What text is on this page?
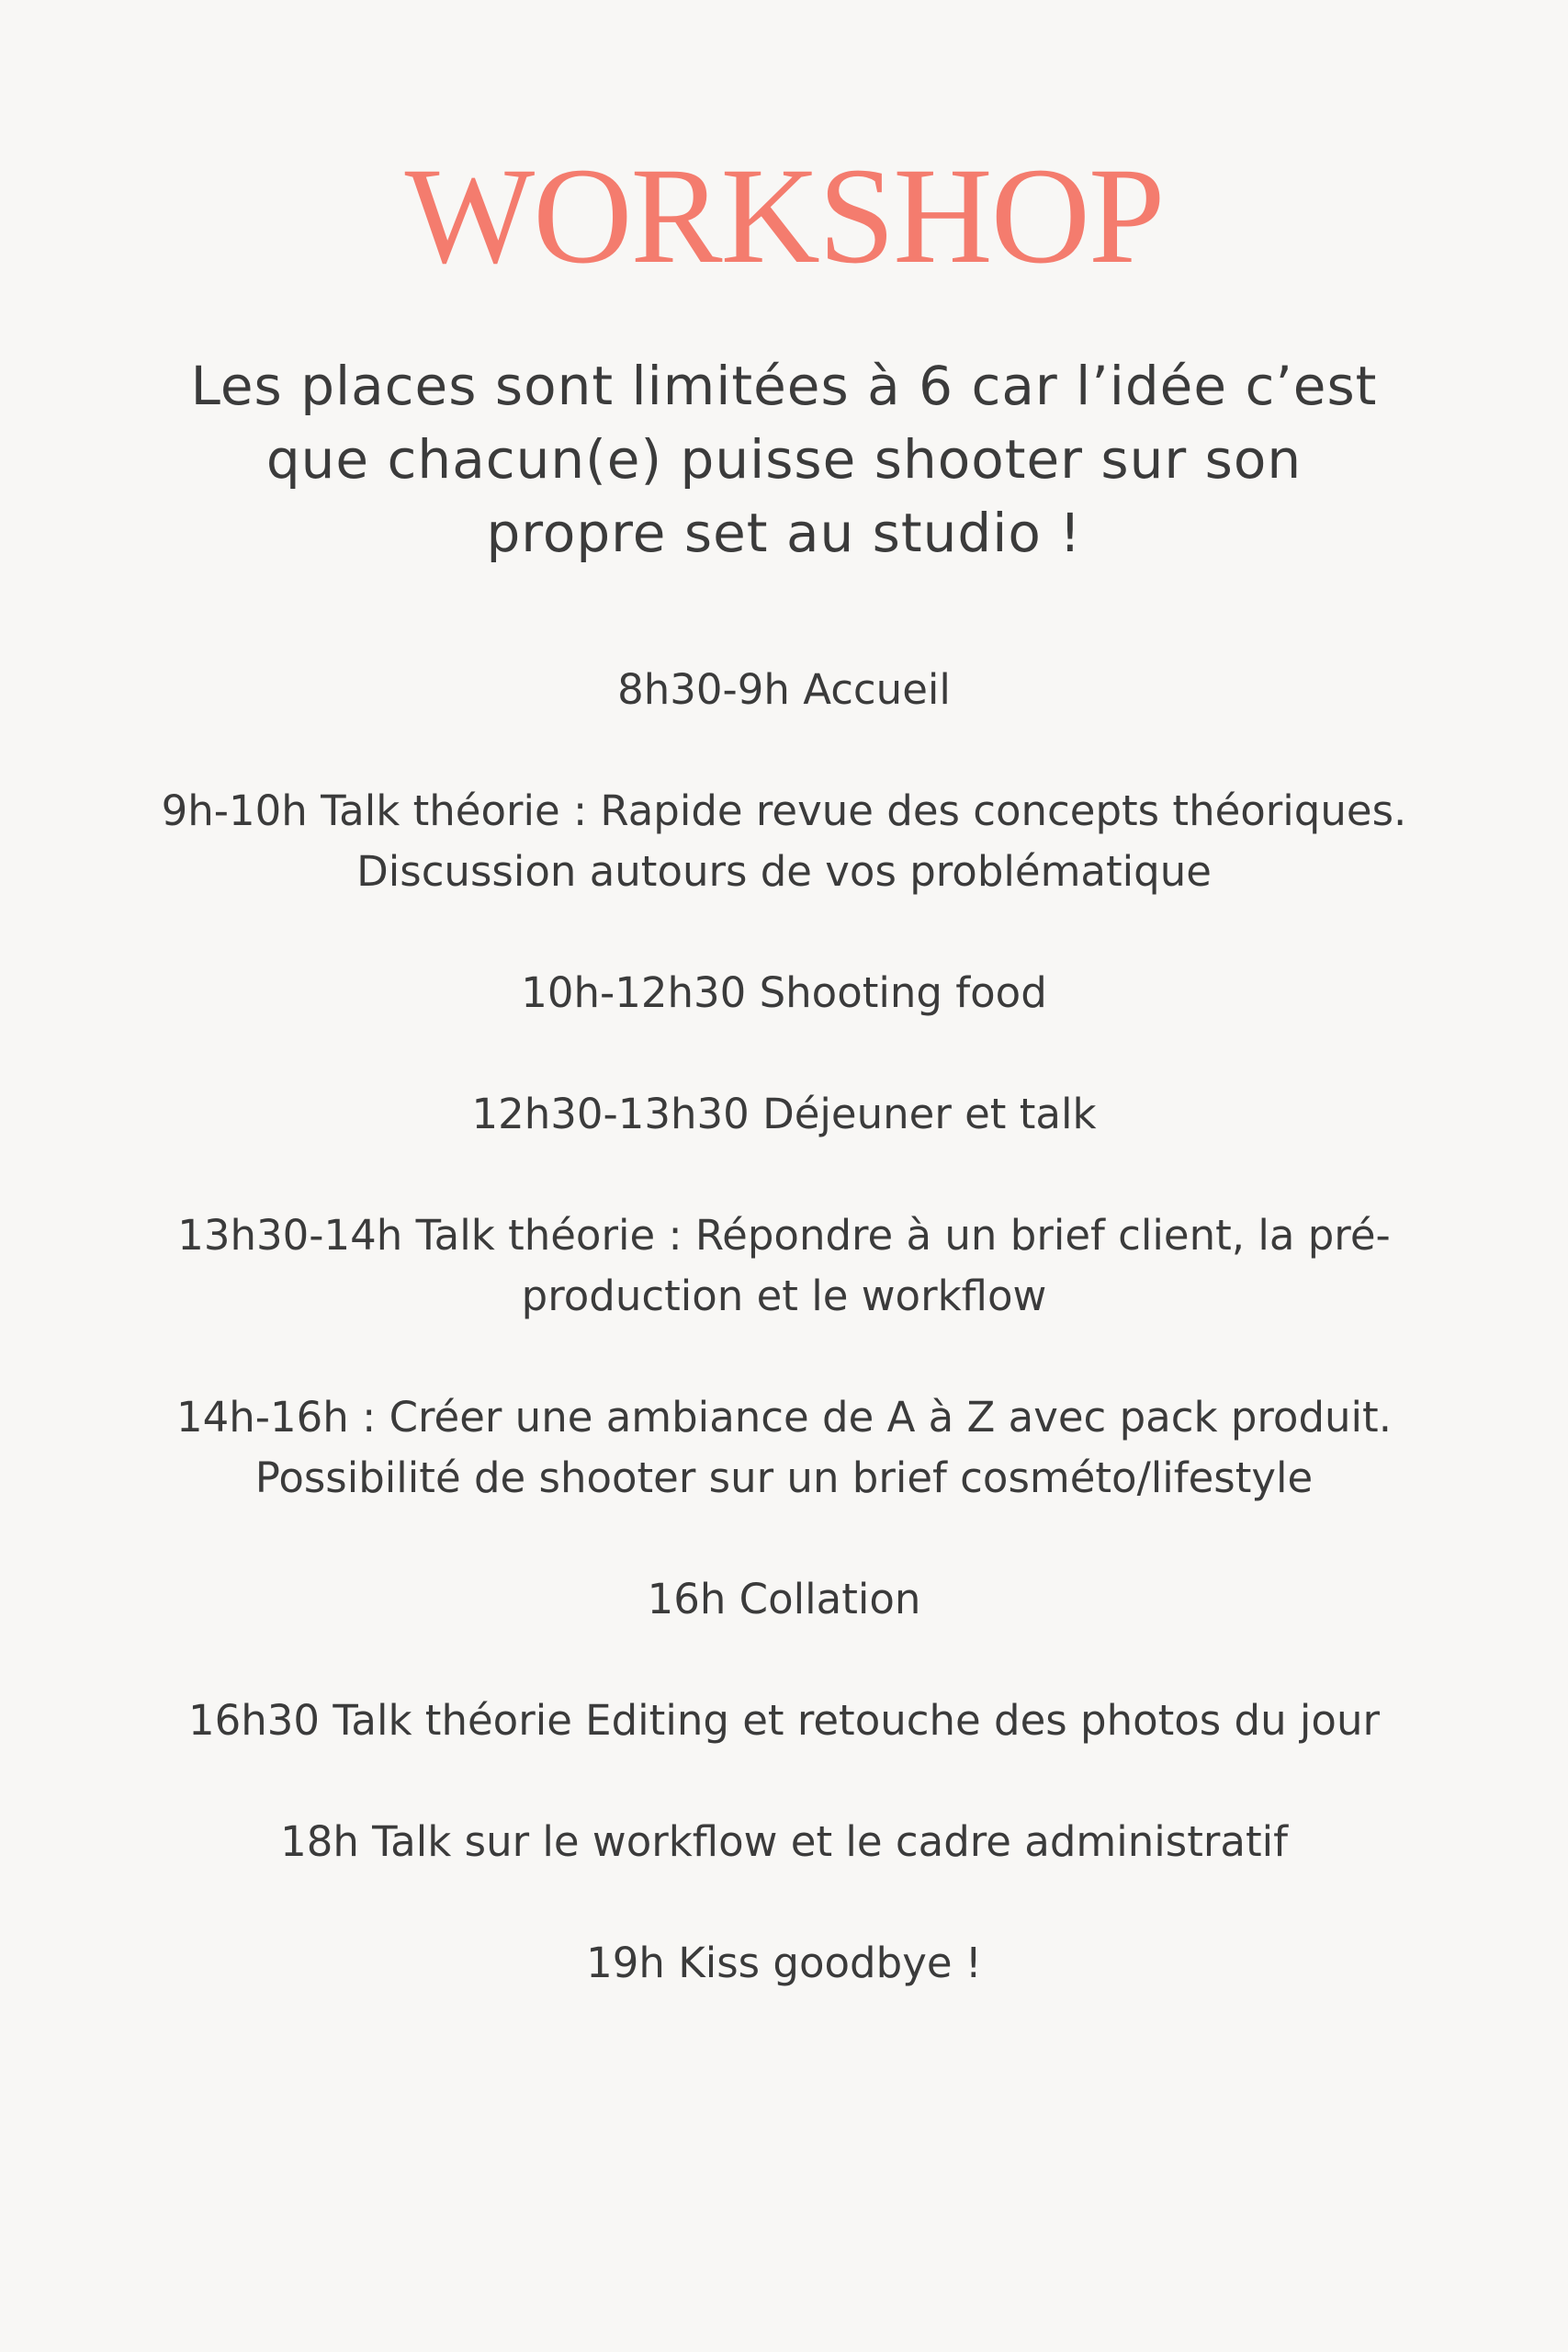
WORKSHOP

Les places sont limitées à 6 car l’idée c’est que chacun(e) puisse shooter sur son propre set au studio !

8h30-9h Accueil
9h-10h Talk théorie : Rapide revue des concepts théoriques. Discussion autours de vos problématique
10h-12h30 Shooting food
12h30-13h30 Déjeuner et talk
13h30-14h Talk théorie : Répondre à un brief client, la pré-production et le workflow
14h-16h : Créer une ambiance de A à Z avec pack produit. Possibilité de shooter sur un brief cosméto/lifestyle
16h Collation
16h30 Talk théorie Editing et retouche des photos du jour
18h Talk sur le workflow et le cadre administratif
19h Kiss goodbye !
